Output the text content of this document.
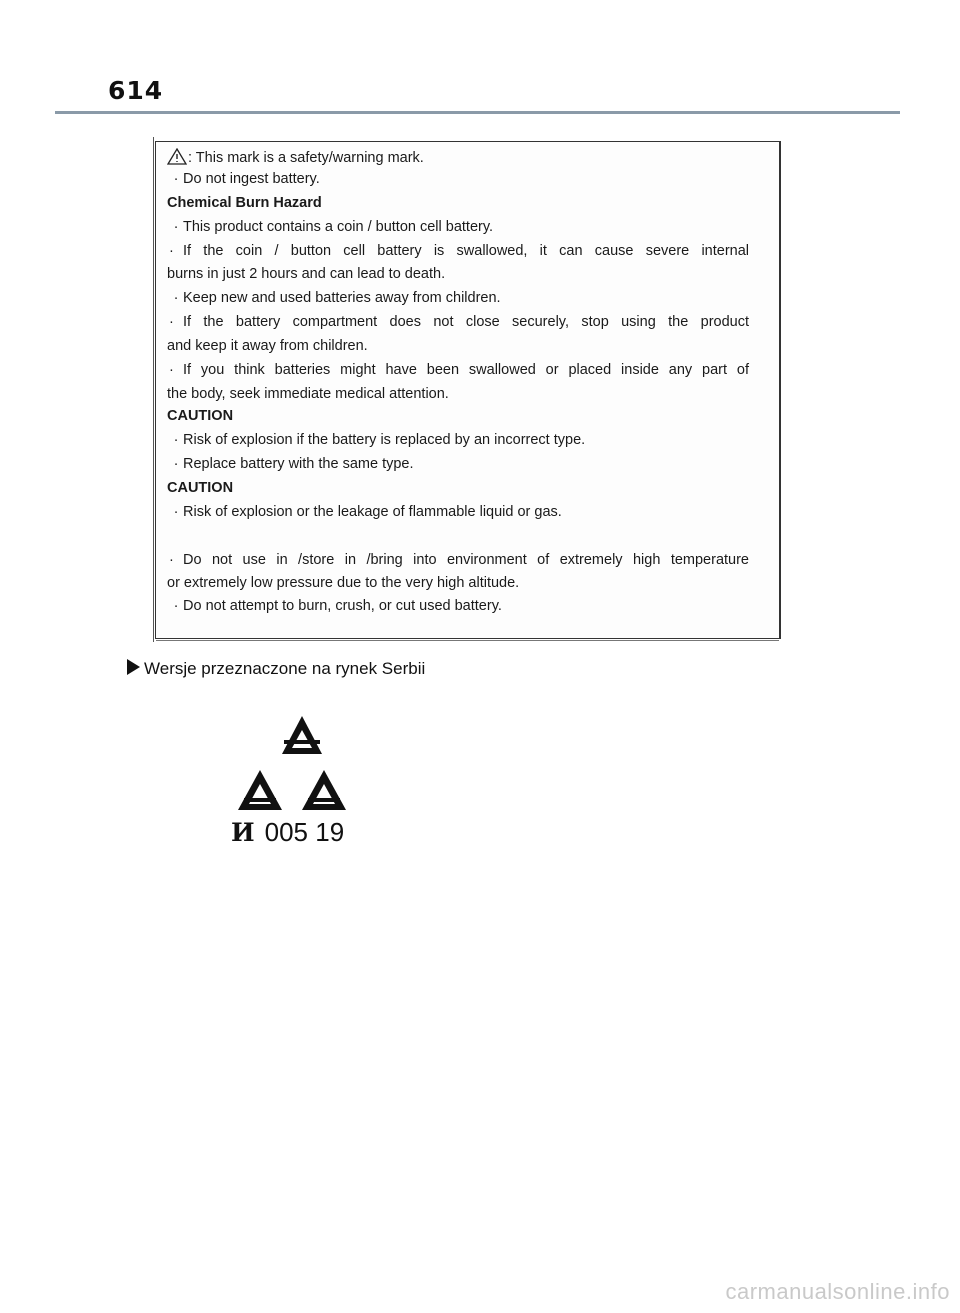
614
: This mark is a safety/warning mark.
· Do not ingest battery.
Chemical Burn Hazard
· This product contains a coin / button cell battery.
· If the coin / button cell battery is swallowed, it can cause severe internal
burns in just 2 hours and can lead to death.
· Keep new and used batteries away from children.
· If the battery compartment does not close securely, stop using the product
and keep it away from children.
· If you think batteries might have been swallowed or placed inside any part of
the body, seek immediate medical attention.
CAUTION
· Risk of explosion if the battery is replaced by an incorrect type.
· Replace battery with the same type.
CAUTION
· Risk of explosion or the leakage of flammable liquid or gas.
· Do not use in /store in /bring into environment of extremely high temperature
or extremely low pressure due to the very high altitude.
· Do not attempt to burn, crush, or cut used battery.
Wersje przeznaczone na rynek Serbii
И 005 19
carmanualsonline.info
